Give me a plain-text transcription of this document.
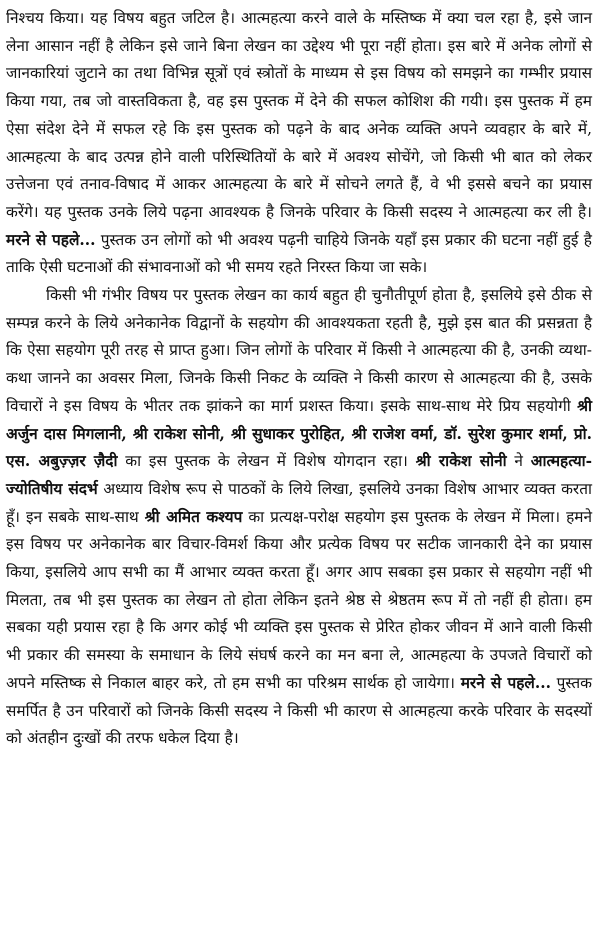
निश्चय किया। यह विषय बहुत जटिल है। आत्महत्या करने वाले के मस्तिष्क में क्या चल रहा है, इसे जान लेना आसान नहीं है लेकिन इसे जाने बिना लेखन का उद्देश्य भी पूरा नहीं होता। इस बारे में अनेक लोगों से जानकारियां जुटाने का तथा विभिन्न सूत्रों एवं स्त्रोतों के माध्यम से इस विषय को समझने का गम्भीर प्रयास किया गया, तब जो वास्तविकता है, वह इस पुस्तक में देने की सफल कोशिश की गयी। इस पुस्तक में हम ऐसा संदेश देने में सफल रहे कि इस पुस्तक को पढ़ने के बाद अनेक व्यक्ति अपने व्यवहार के बारे में, आत्महत्या के बाद उत्पन्न होने वाली परिस्थितियों के बारे में अवश्य सोचेंगे, जो किसी भी बात को लेकर उत्तेजना एवं तनाव-विषाद में आकर आत्महत्या के बारे में सोचने लगते हैं, वे भी इससे बचने का प्रयास करेंगे। यह पुस्तक उनके लिये पढ़ना आवश्यक है जिनके परिवार के किसी सदस्य ने आत्महत्या कर ली है। मरने से पहले... पुस्तक उन लोगों को भी अवश्य पढ़नी चाहिये जिनके यहाँ इस प्रकार की घटना नहीं हुई है ताकि ऐसी घटनाओं की संभावनाओं को भी समय रहते निरस्त किया जा सके।

किसी भी गंभीर विषय पर पुस्तक लेखन का कार्य बहुत ही चुनौतीपूर्ण होता है, इसलिये इसे ठीक से सम्पन्न करने के लिये अनेकानेक विद्वानों के सहयोग की आवश्यकता रहती है, मुझे इस बात की प्रसन्नता है कि ऐसा सहयोग पूरी तरह से प्राप्त हुआ। जिन लोगों के परिवार में किसी ने आत्महत्या की है, उनकी व्यथा-कथा जानने का अवसर मिला, जिनके किसी निकट के व्यक्ति ने किसी कारण से आत्महत्या की है, उसके विचारों ने इस विषय के भीतर तक झांकने का मार्ग प्रशस्त किया। इसके साथ-साथ मेरे प्रिय सहयोगी श्री अर्जुन दास मिगलानी, श्री राकेश सोनी, श्री सुधाकर पुरोहित, श्री राजेश वर्मा, डॉ. सुरेश कुमार शर्मा, प्रो. एस. अबुज़्ज़र ज़ैदी का इस पुस्तक के लेखन में विशेष योगदान रहा। श्री राकेश सोनी ने आत्महत्या-ज्योतिषीय संदर्भ अध्याय विशेष रूप से पाठकों के लिये लिखा, इसलिये उनका विशेष आभार व्यक्त करता हूँ। इन सबके साथ-साथ श्री अमित कश्यप का प्रत्यक्ष-परोक्ष सहयोग इस पुस्तक के लेखन में मिला। हमने इस विषय पर अनेकानेक बार विचार-विमर्श किया और प्रत्येक विषय पर सटीक जानकारी देने का प्रयास किया, इसलिये आप सभी का मैं आभार व्यक्त करता हूँ। अगर आप सबका इस प्रकार से सहयोग नहीं भी मिलता, तब भी इस पुस्तक का लेखन तो होता लेकिन इतने श्रेष्ठ से श्रेष्ठतम रूप में तो नहीं ही होता। हम सबका यही प्रयास रहा है कि अगर कोई भी व्यक्ति इस पुस्तक से प्रेरित होकर जीवन में आने वाली किसी भी प्रकार की समस्या के समाधान के लिये संघर्ष करने का मन बना ले, आत्महत्या के उपजते विचारों को अपने मस्तिष्क से निकाल बाहर करे, तो हम सभी का परिश्रम सार्थक हो जायेगा। मरने से पहले... पुस्तक समर्पित है उन परिवारों को जिनके किसी सदस्य ने किसी भी कारण से आत्महत्या करके परिवार के सदस्यों को अंतहीन दुःखों की तरफ धकेल दिया है।
